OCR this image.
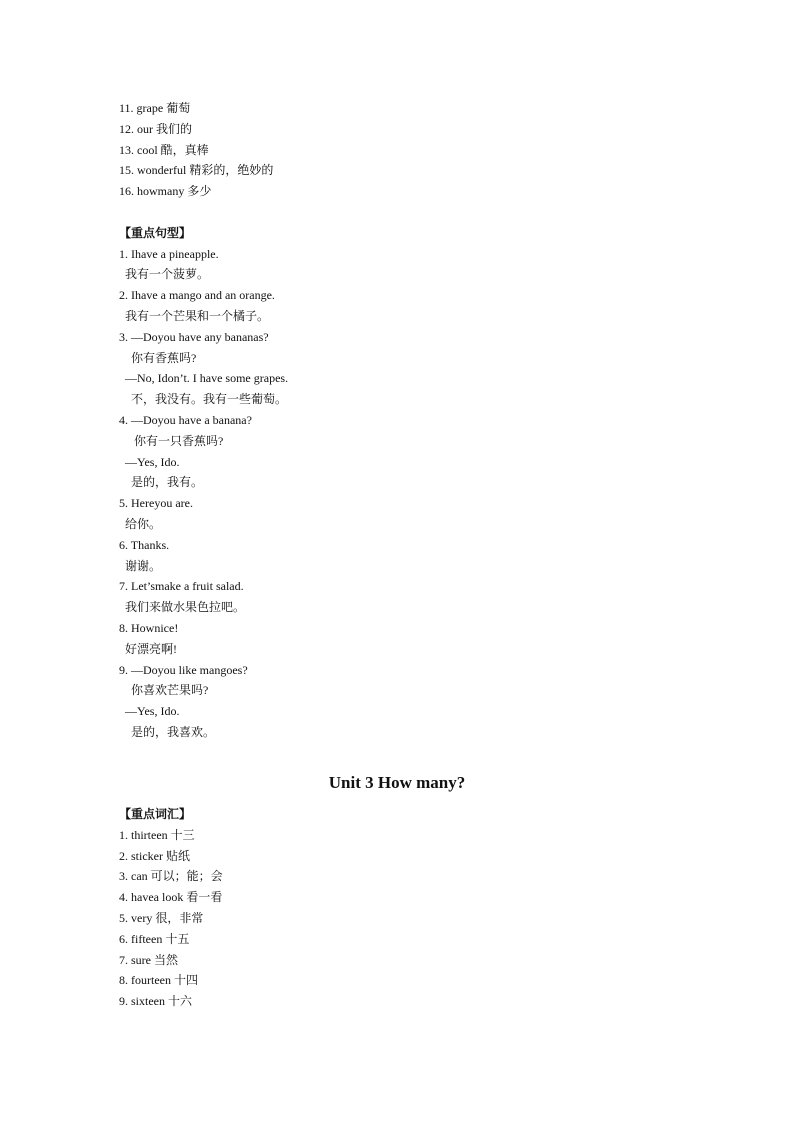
11. grape 葡萄
12. our 我们的
13. cool 酷，真棒
15. wonderful 精彩的，绝妙的
16. howmany 多少
【重点句型】
1. Ihave a pineapple.
我有一个菠萝。
2. Ihave a mango and an orange.
我有一个芒果和一个橘子。
3. —Doyou have any bananas?
你有香蕉吗?
—No, Idon’t. I have some grapes.
不，我没有。我有一些葡萄。
4. —Doyou have a banana?
你有一只香蕉吗?
—Yes, Ido.
是的，我有。
5. Hereyou are.
给你。
6. Thanks.
谢谢。
7. Let’smake a fruit salad.
我们来做水果色拉吧。
8. Hownice!
好漂亮啊!
9. —Doyou like mangoes?
你喜欢芒果吗?
—Yes, Ido.
是的，我喜欢。
Unit 3 How many?
【重点词汇】
1. thirteen 十三
2. sticker 贴纸
3. can 可以；能；会
4. havea look 看一看
5. very 很，非常
6. fifteen 十五
7. sure 当然
8. fourteen 十四
9. sixteen 十六
